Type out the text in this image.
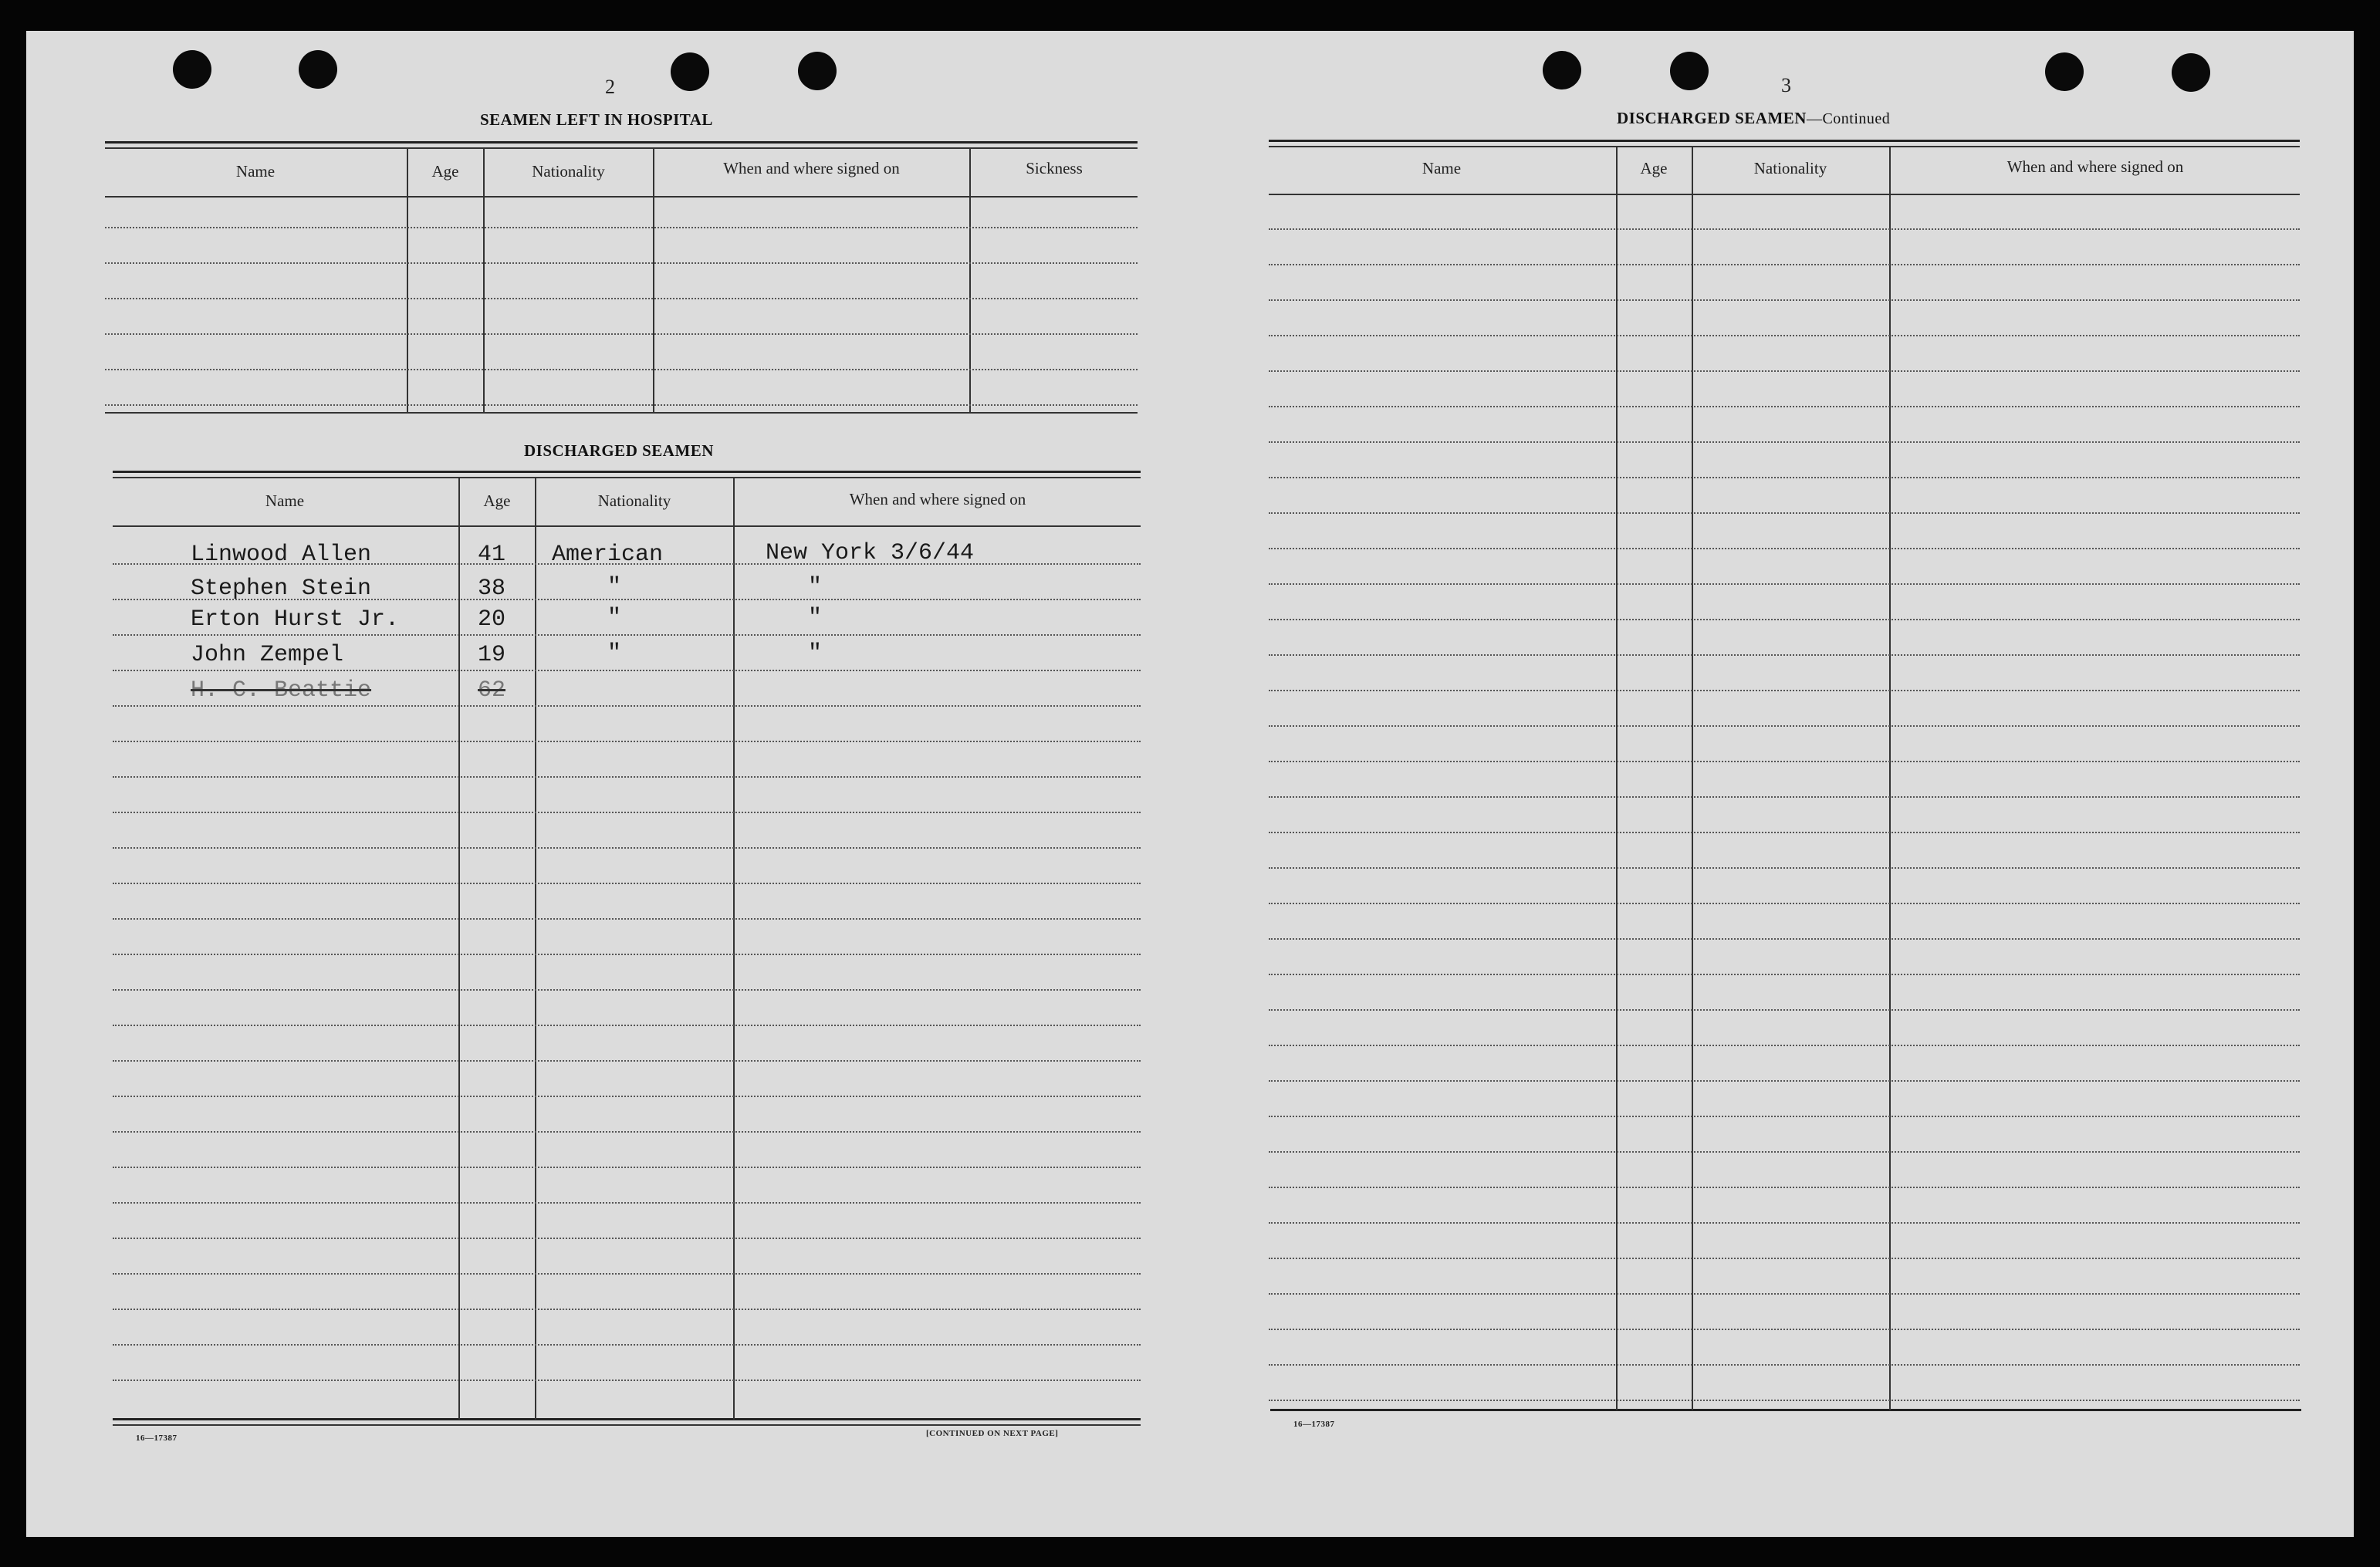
2
SEAMEN LEFT IN HOSPITAL
Name	Age	Nationality	When and where signed on	Sickness
DISCHARGED SEAMEN
Name	Age	Nationality	When and where signed on
Linwood Allen	41 American	New York 3/6/44
Stephen Stein	38	"	"
Erton Hurst Jr.	20	"	"
John Zempel	19	"	"
H. C. Beattie	62
16—17387	[CONTINUED ON NEXT PAGE]
3
DISCHARGED SEAMEN—Continued
Name	Age	Nationality	When and where signed on
16—17387
